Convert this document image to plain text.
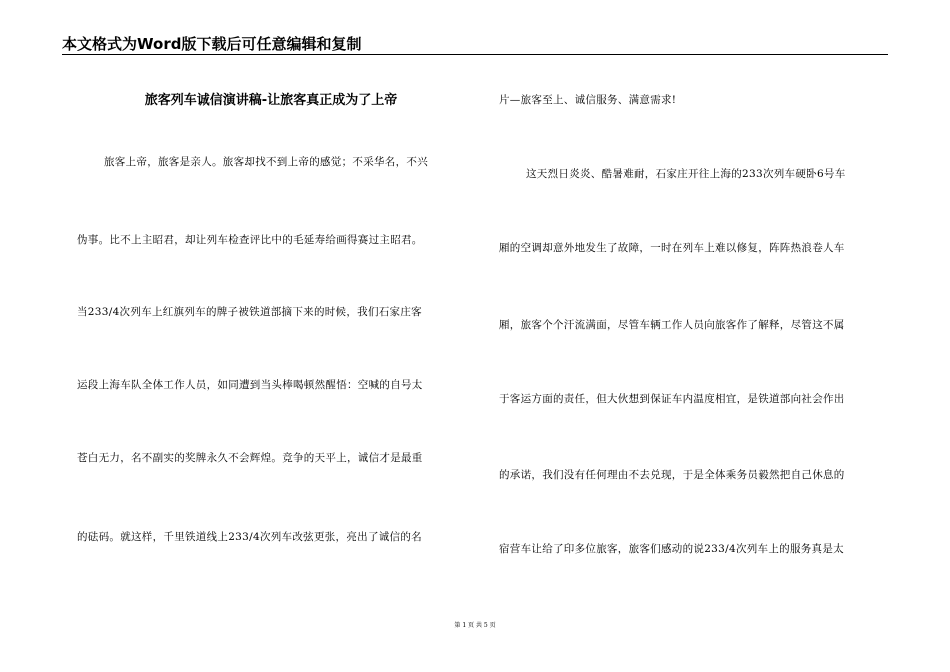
本文格式为Word版下载后可任意编辑和复制
旅客列车诚信演讲稿-让旅客真正成为了上帝
旅客上帝，旅客是亲人。旅客却找不到上帝的感觉；不采华名，不兴
伪事。比不上主昭君，却让列车检查评比中的毛延寿给画得赛过主昭君。
当233/4次列车上红旗列车的牌子被铁道部摘下来的时候，我们石家庄客
运段上海车队全体工作人员，如同遭到当头棒喝顿然醒悟：空喊的自号太
苍白无力，名不副实的奖牌永久不会辉煌。竞争的天平上，诚信才是最重
的砝码。就这样，千里铁道线上233/4次列车改弦更张，亮出了诚信的名
片—旅客至上、诚信服务、满意需求!
这天烈日炎炎、酷暑难耐，石家庄开往上海的233次列车硬卧6号车
厢的空调却意外地发生了故障，一时在列车上难以修复，阵阵热浪卷人车
厢，旅客个个汗流满面，尽管车辆工作人员向旅客作了解释，尽管这不属
于客运方面的责任，但大伙想到保证车内温度相宜，是铁道部向社会作出
的承诺，我们没有任何理由不去兑现，于是全体乘务员毅然把自己休息的
宿营车让给了印多位旅客，旅客们感动的说233/4次列车上的服务真是太
第 1 页 共 5 页
